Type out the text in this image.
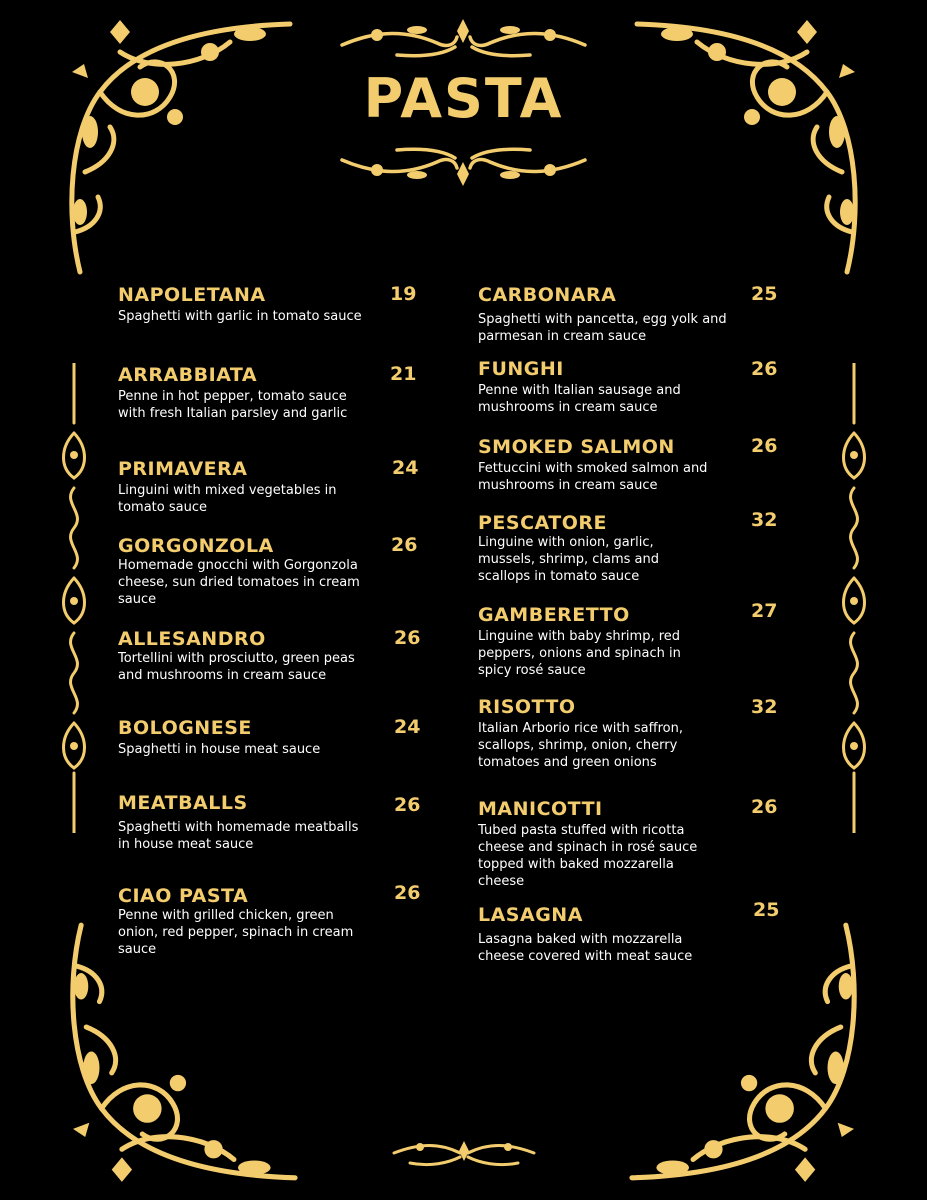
PASTA
NAPOLETANA
Spaghetti with garlic in tomato sauce
19
ARRABBIATA
Penne in hot pepper, tomato sauce with fresh Italian parsley and garlic
21
PRIMAVERA
Linguini with mixed vegetables in tomato sauce
24
GORGONZOLA
Homemade gnocchi with Gorgonzola cheese, sun dried tomatoes in cream sauce
26
ALLESANDRO
Tortellini with prosciutto, green peas and mushrooms in cream sauce
26
BOLOGNESE
Spaghetti in house meat sauce
24
MEATBALLS
Spaghetti with homemade meatballs in house meat sauce
26
CIAO PASTA
Penne with grilled chicken, green onion, red pepper, spinach in cream sauce
26
CARBONARA
Spaghetti with pancetta, egg yolk and parmesan in cream sauce
25
FUNGHI
Penne with Italian sausage and mushrooms in cream sauce
26
SMOKED SALMON
Fettuccini with smoked salmon and mushrooms in cream sauce
26
PESCATORE
Linguine with onion, garlic, mussels, shrimp, clams and scallops in tomato sauce
32
GAMBERETTO
Linguine with baby shrimp, red peppers, onions and spinach in spicy rosé sauce
27
RISOTTO
Italian Arborio rice with saffron, scallops, shrimp, onion, cherry tomatoes and green onions
32
MANICOTTI
Tubed pasta stuffed with ricotta cheese and spinach in rosé sauce topped with baked mozzarella cheese
26
LASAGNA
Lasagna baked with mozzarella cheese covered with meat sauce
25
